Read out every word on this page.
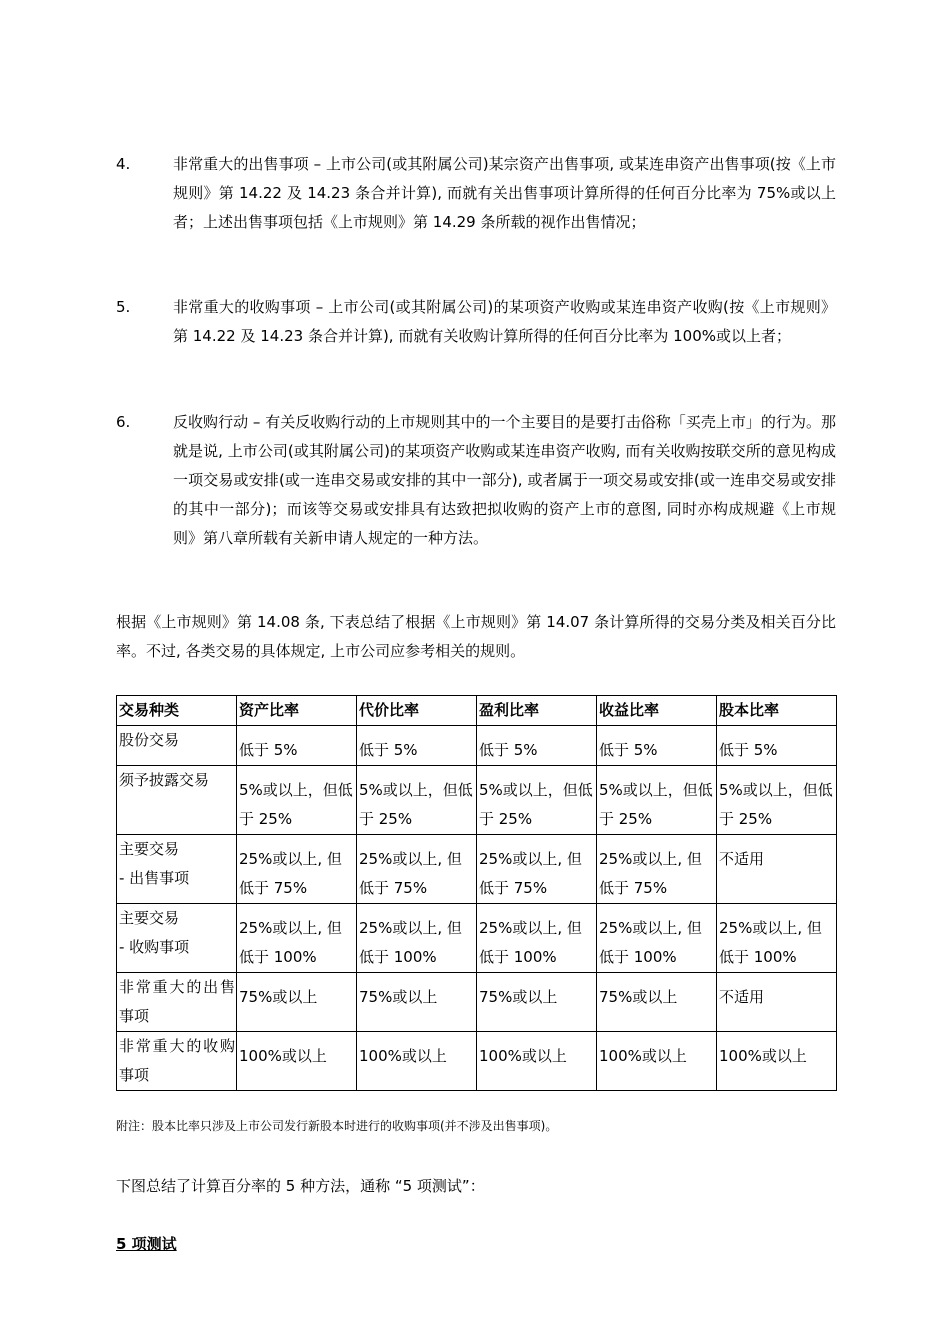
4.	非常重大的出售事项 – 上市公司(或其附属公司)某宗资产出售事项, 或某连串资产出售事项(按《上市规则》第 14.22 及 14.23 条合并计算), 而就有关出售事项计算所得的任何百分比率为 75%或以上者；上述出售事项包括《上市规则》第 14.29 条所载的视作出售情况；
5.	非常重大的收购事项 – 上市公司(或其附属公司)的某项资产收购或某连串资产收购(按《上市规则》第 14.22 及 14.23 条合并计算), 而就有关收购计算所得的任何百分比率为 100%或以上者；
6.	反收购行动 – 有关反收购行动的上市规则其中的一个主要目的是要打击俗称「买壳上市」的行为。那就是说, 上市公司(或其附属公司)的某项资产收购或某连串资产收购, 而有关收购按联交所的意见构成一项交易或安排(或一连串交易或安排的其中一部分), 或者属于一项交易或安排(或一连串交易或安排的其中一部分)；而该等交易或安排具有达致把拟收购的资产上市的意图, 同时亦构成规避《上市规则》第八章所载有关新申请人规定的一种方法。
根据《上市规则》第 14.08 条, 下表总结了根据《上市规则》第 14.07 条计算所得的交易分类及相关百分比率。不过, 各类交易的具体规定, 上市公司应参考相关的规则。
交易种类	资产比率	代价比率	盈利比率	收益比率	股本比率
股份交易	低于 5%	低于 5%	低于 5%	低于 5%	低于 5%

须予披露交易	5%或以上，但低于 25%	5%或以上，但低于 25%	5%或以上，但低于 25%	5%或以上，但低于 25%	5%或以上，但低于 25%

主要交易
- 出售事项	25%或以上, 但低于 75%	25%或以上, 但低于 75%	25%或以上, 但低于 75%	25%或以上, 但低于 75%	不适用

主要交易
- 收购事项	25%或以上, 但低于 100%	25%或以上, 但低于 100%	25%或以上, 但低于 100%	25%或以上, 但低于 100%	25%或以上, 但低于 100%

非常重大的出售事项	75%或以上	75%或以上	75%或以上	75%或以上	不适用

非常重大的收购事项	100%或以上	100%或以上	100%或以上	100%或以上	100%或以上
附注：股本比率只涉及上市公司发行新股本时进行的收购事项(并不涉及出售事项)。
下图总结了计算百分率的 5 种方法，通称 “5 项测试”：
5 项测试
